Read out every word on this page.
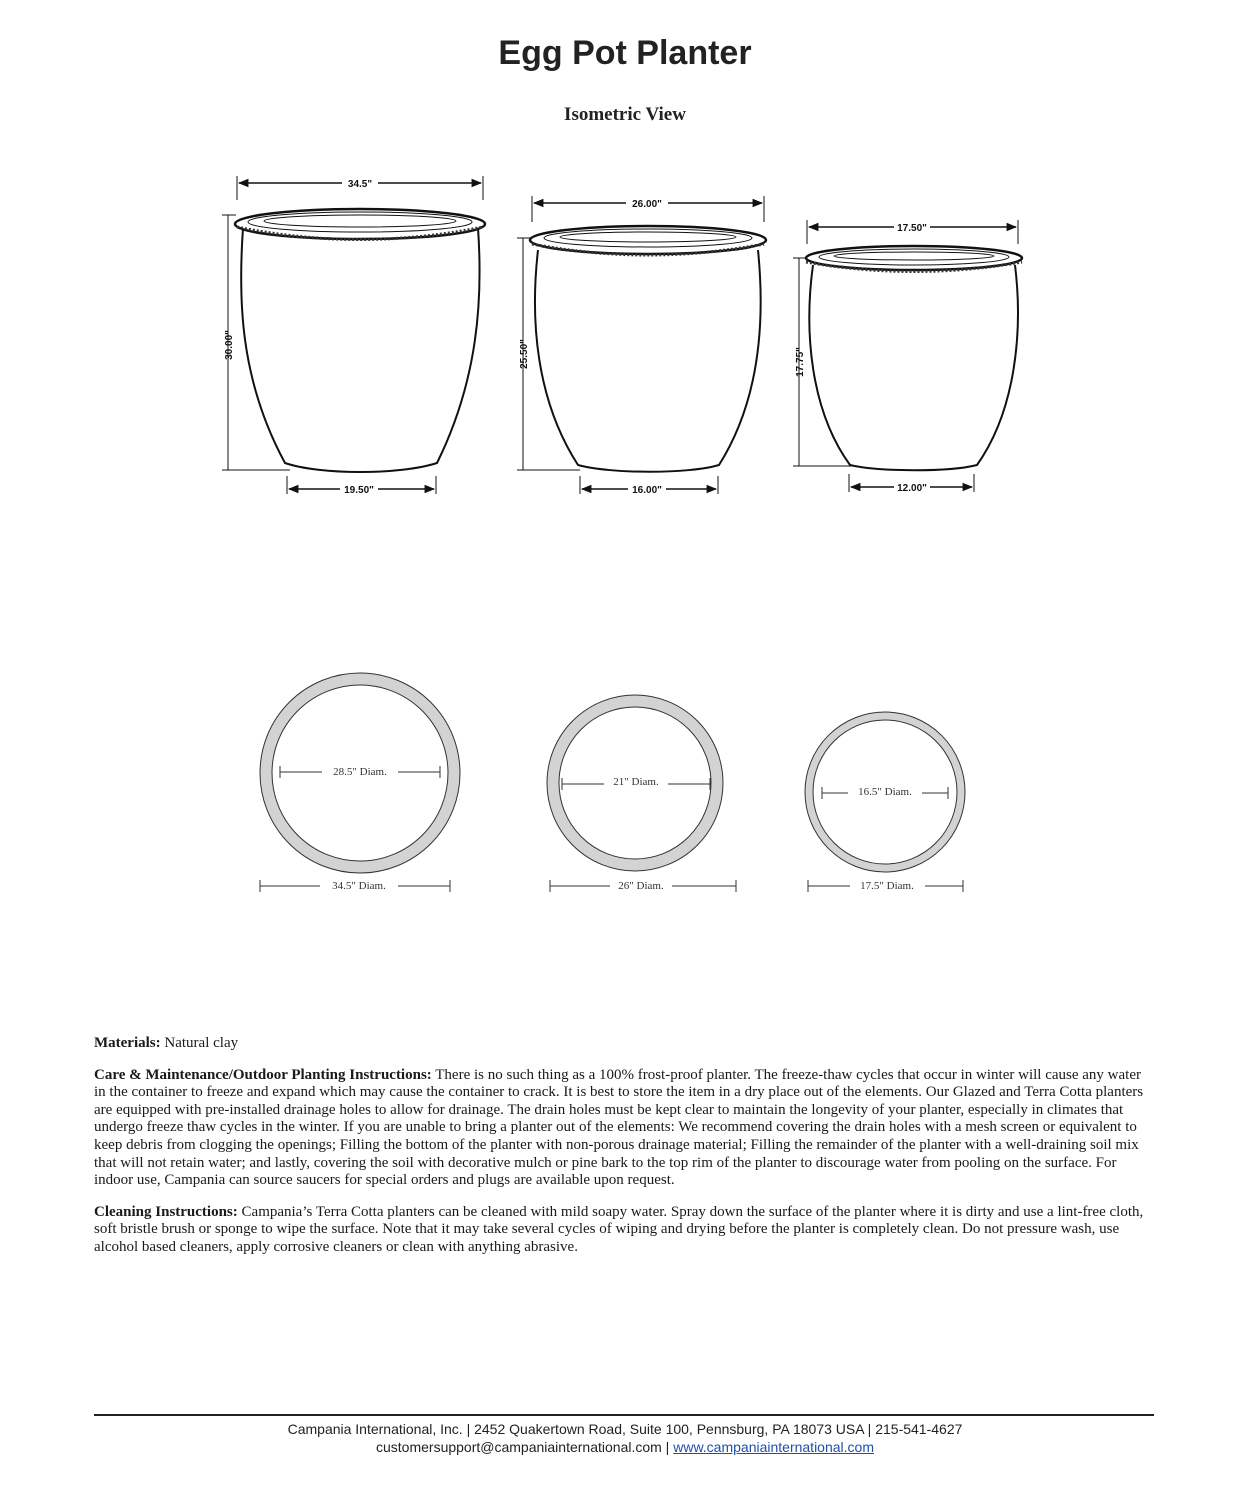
Egg Pot Planter
Isometric View
34.5"
30.00"
19.50"
26.00"
25.50"
16.00"
17.50"
17.75"
12.00"
28.5" Diam.
34.5" Diam.
21" Diam.
26" Diam.
16.5" Diam.
17.5" Diam.

Materials: Natural clay

Care & Maintenance/Outdoor Planting Instructions: There is no such thing as a 100% frost-proof planter. The freeze-thaw cycles that occur in winter will cause any water in the container to freeze and expand which may cause the container to crack. It is best to store the item in a dry place out of the elements. Our Glazed and Terra Cotta planters are equipped with pre-installed drainage holes to allow for drainage. The drain holes must be kept clear to maintain the longevity of your planter, especially in climates that undergo freeze thaw cycles in the winter. If you are unable to bring a planter out of the elements: We recommend covering the drain holes with a mesh screen or equivalent to keep debris from clogging the openings; Filling the bottom of the planter with non-porous drainage material; Filling the remainder of the planter with a well-draining soil mix that will not retain water; and lastly, covering the soil with decorative mulch or pine bark to the top rim of the planter to discourage water from pooling on the surface. For indoor use, Campania can source saucers for special orders and plugs are available upon request.

Cleaning Instructions: Campania’s Terra Cotta planters can be cleaned with mild soapy water. Spray down the surface of the planter where it is dirty and use a lint-free cloth, soft bristle brush or sponge to wipe the surface. Note that it may take several cycles of wiping and drying before the planter is completely clean. Do not pressure wash, use alcohol based cleaners, apply corrosive cleaners or clean with anything abrasive.

Campania International, Inc. | 2452 Quakertown Road, Suite 100, Pennsburg, PA 18073 USA | 215-541-4627
customersupport@campaniainternational.com | www.campaniainternational.com
